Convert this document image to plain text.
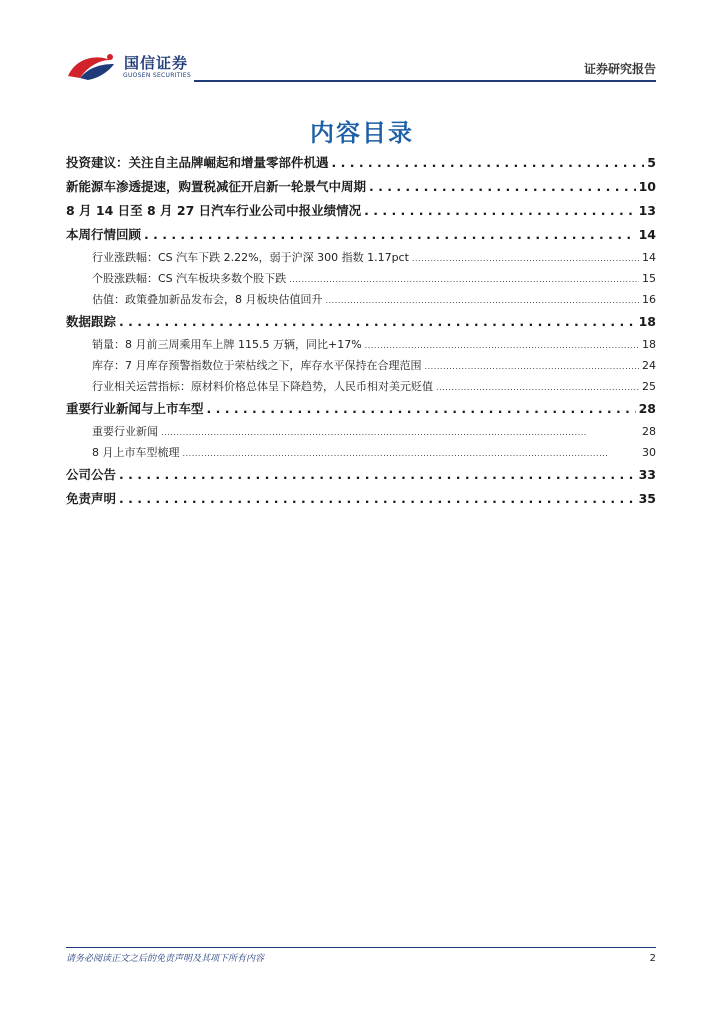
国信证券
GUOSEN SECURITIES	证券研究报告
内容目录
投资建议：关注自主品牌崛起和增量零部件机遇 . . .	5
新能源车渗透提速，购置税减征开启新一轮景气中周期 . . .	10
8 月 14 日至 8 月 27 日汽车行业公司中报业绩情况 . . .	13
本周行情回顾 . . .	14
行业涨跌幅：CS 汽车下跌 2.22%，弱于沪深 300 指数 1.17pct . . .	14
个股涨跌幅：CS 汽车板块多数个股下跌 . . .	15
估值：政策叠加新品发布会，8 月板块估值回升 . . .	16
数据跟踪 . . .	18
销量：8 月前三周乘用车上牌 115.5 万辆，同比+17% . . .	18
库存：7 月库存预警指数位于荣枯线之下，库存水平保持在合理范围 . . .	24
行业相关运营指标：原材料价格总体呈下降趋势，人民币相对美元贬值 . . .	25
重要行业新闻与上市车型 . . .	28
重要行业新闻 . . .	28
8 月上市车型梳理 . . .	30
公司公告 . . .	33
免责声明 . . .	35
请务必阅读正文之后的免责声明及其项下所有内容	2
